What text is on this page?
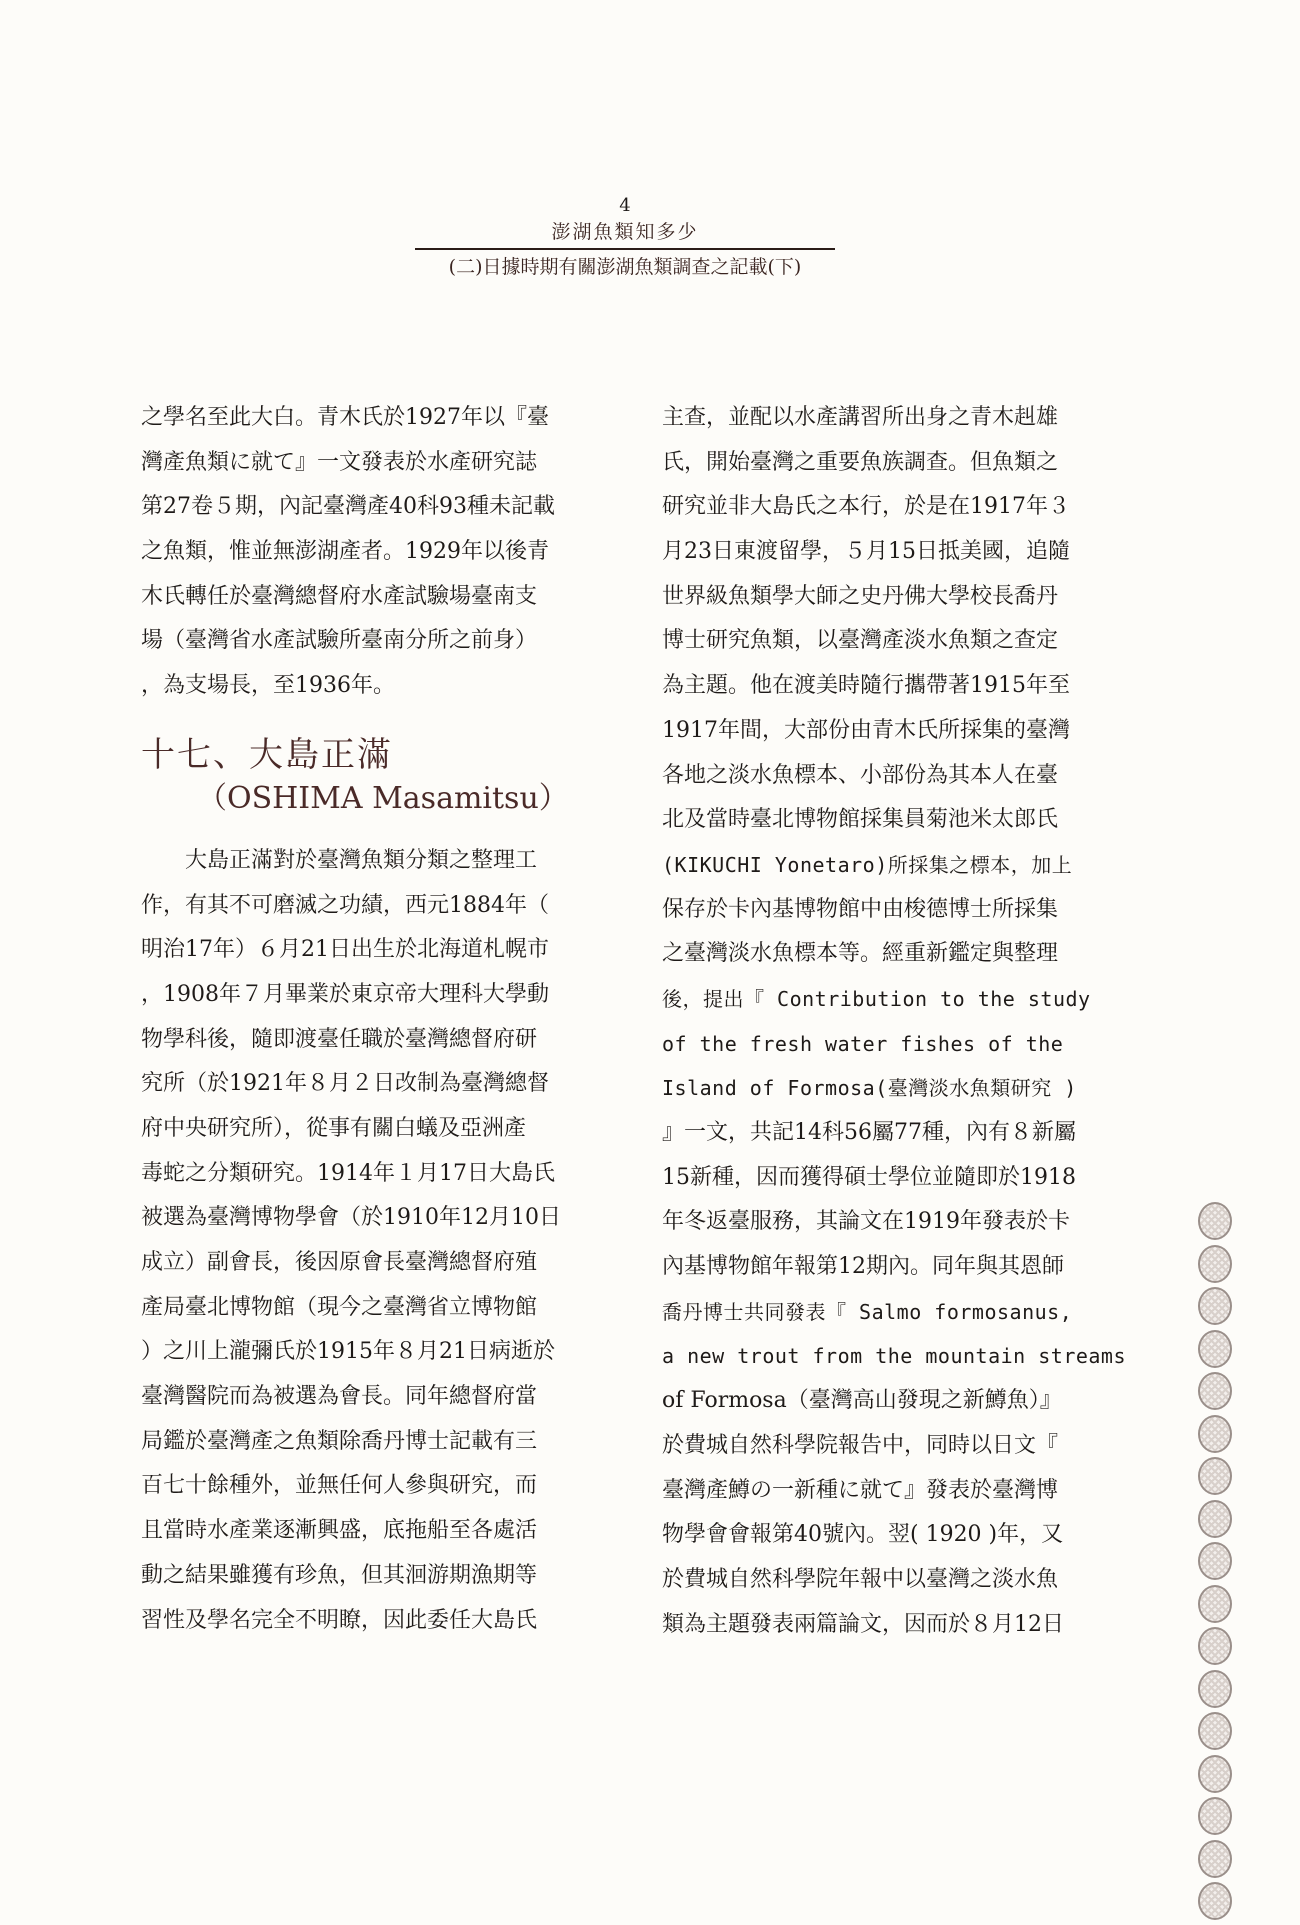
4
澎湖魚類知多少
(二)日據時期有關澎湖魚類調查之記載(下)
之學名至此大白。青木氏於1927年以『臺
灣產魚類に就て』一文發表於水產研究誌
第27卷５期，內記臺灣產40科93種未記載
之魚類，惟並無澎湖產者。1929年以後青
木氏轉任於臺灣總督府水產試驗場臺南支
場（臺灣省水產試驗所臺南分所之前身）
，為支場長，至1936年。
十七、大島正滿
（OSHIMA Masamitsu）
　　大島正滿對於臺灣魚類分類之整理工
作，有其不可磨滅之功績，西元1884年（
明治17年）６月21日出生於北海道札幌市
，1908年７月畢業於東京帝大理科大學動
物學科後，隨即渡臺任職於臺灣總督府研
究所（於1921年８月２日改制為臺灣總督
府中央研究所），從事有關白蟻及亞洲產
毒蛇之分類研究。1914年１月17日大島氏
被選為臺灣博物學會（於1910年12月10日
成立）副會長，後因原會長臺灣總督府殖
產局臺北博物館（現今之臺灣省立博物館
）之川上瀧彌氏於1915年８月21日病逝於
臺灣醫院而為被選為會長。同年總督府當
局鑑於臺灣產之魚類除喬丹博士記載有三
百七十餘種外，並無任何人參與研究，而
且當時水產業逐漸興盛，底拖船至各處活
動之結果雖獲有珍魚，但其洄游期漁期等
習性及學名完全不明瞭，因此委任大島氏
主查，並配以水產講習所出身之青木赳雄
氏，開始臺灣之重要魚族調查。但魚類之
研究並非大島氏之本行，於是在1917年３
月23日東渡留學，５月15日抵美國，追隨
世界級魚類學大師之史丹佛大學校長喬丹
博士研究魚類，以臺灣產淡水魚類之查定
為主題。他在渡美時隨行攜帶著1915年至
1917年間，大部份由青木氏所採集的臺灣
各地之淡水魚標本、小部份為其本人在臺
北及當時臺北博物館採集員菊池米太郎氏
(KIKUCHI Yonetaro)所採集之標本，加上
保存於卡內基博物館中由梭德博士所採集
之臺灣淡水魚標本等。經重新鑑定與整理
後，提出『 Contribution to the study
of the fresh water fishes of the
Island of Formosa(臺灣淡水魚類研究 )
』一文，共記14科56屬77種，內有８新屬
15新種，因而獲得碩士學位並隨即於1918
年冬返臺服務，其論文在1919年發表於卡
內基博物館年報第12期內。同年與其恩師
喬丹博士共同發表『 Salmo formosanus,
a new trout from the mountain streams
of Formosa（臺灣高山發現之新鱒魚）』
於費城自然科學院報告中，同時以日文『
臺灣產鱒の一新種に就て』發表於臺灣博
物學會會報第40號內。翌( 1920 )年，又
於費城自然科學院年報中以臺灣之淡水魚
類為主題發表兩篇論文，因而於８月12日
